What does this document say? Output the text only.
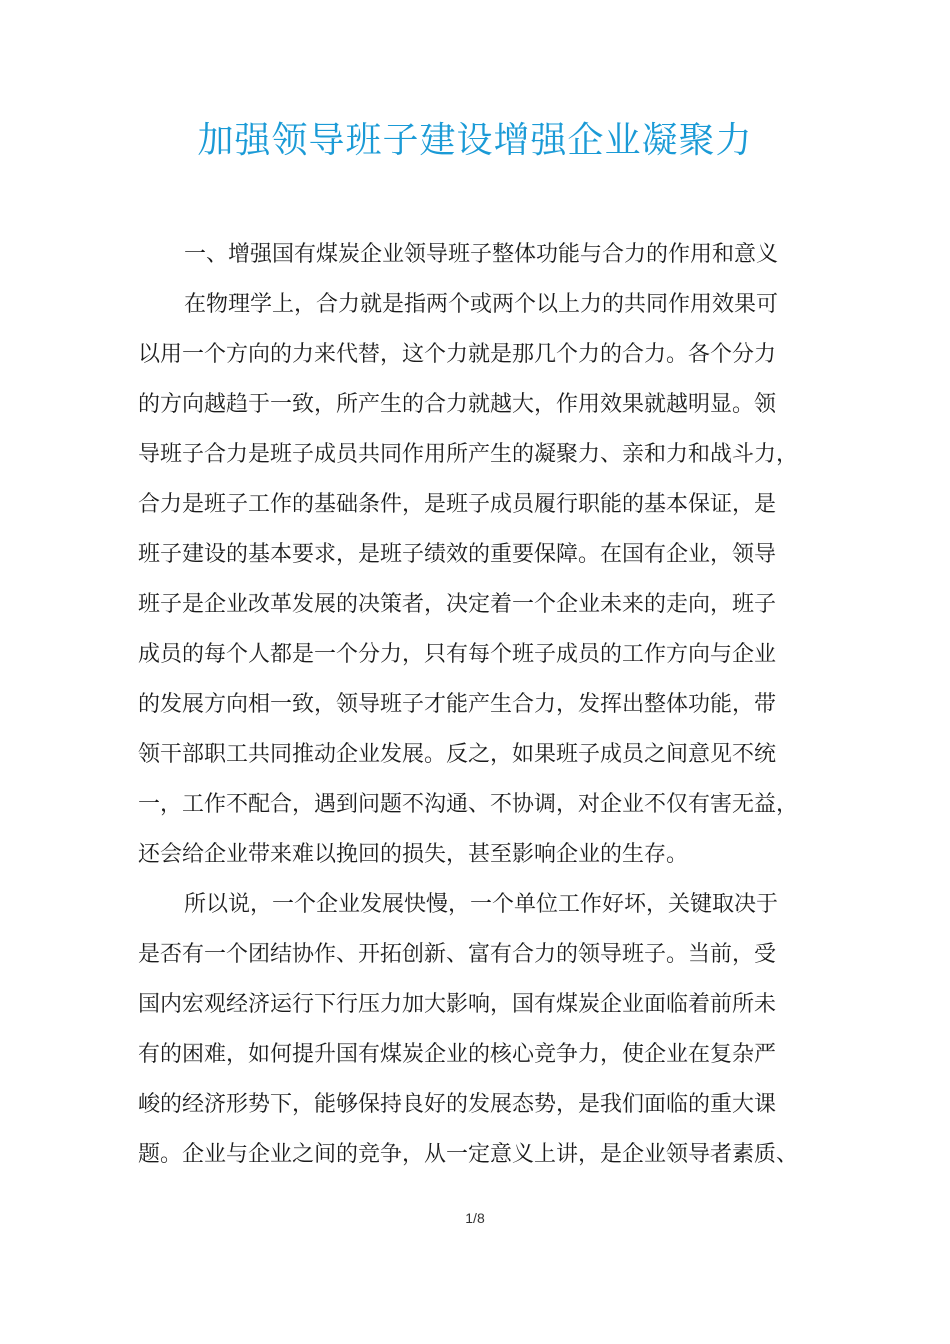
加强领导班子建设增强企业凝聚力
一、增强国有煤炭企业领导班子整体功能与合力的作用和意义
在物理学上，合力就是指两个或两个以上力的共同作用效果可
以用一个方向的力来代替，这个力就是那几个力的合力。各个分力
的方向越趋于一致，所产生的合力就越大，作用效果就越明显。领
导班子合力是班子成员共同作用所产生的凝聚力、亲和力和战斗力，
合力是班子工作的基础条件，是班子成员履行职能的基本保证，是
班子建设的基本要求，是班子绩效的重要保障。在国有企业，领导
班子是企业改革发展的决策者，决定着一个企业未来的走向，班子
成员的每个人都是一个分力，只有每个班子成员的工作方向与企业
的发展方向相一致，领导班子才能产生合力，发挥出整体功能，带
领干部职工共同推动企业发展。反之，如果班子成员之间意见不统
一，工作不配合，遇到问题不沟通、不协调，对企业不仅有害无益，
还会给企业带来难以挽回的损失，甚至影响企业的生存。
所以说，一个企业发展快慢，一个单位工作好坏，关键取决于
是否有一个团结协作、开拓创新、富有合力的领导班子。当前，受
国内宏观经济运行下行压力加大影响，国有煤炭企业面临着前所未
有的困难，如何提升国有煤炭企业的核心竞争力，使企业在复杂严
峻的经济形势下，能够保持良好的发展态势，是我们面临的重大课
题。企业与企业之间的竞争，从一定意义上讲，是企业领导者素质、
1/8
